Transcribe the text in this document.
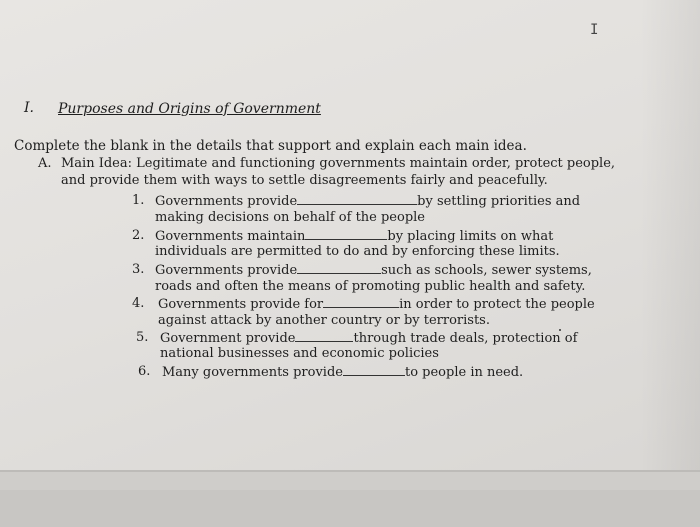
I
I. Purposes and Origins of Government
Complete the blank in the details that support and explain each main idea.
A. Main Idea: Legitimate and functioning governments maintain order, protect people,
and provide them with ways to settle disagreements fairly and peacefully.
1. Governments provide	by settling priorities and
making decisions on behalf of the people
2. Governments maintain	by placing limits on what
individuals are permitted to do and by enforcing these limits.
3. Governments provide	such as schools, sewer systems,
roads and often the means of promoting public health and safety.
4. Governments provide for	in order to protect the people
against attack by another country or by terrorists.
5. Government provide	through trade deals, protection of
national businesses and economic policies
6. Many governments provide	to people in need.
